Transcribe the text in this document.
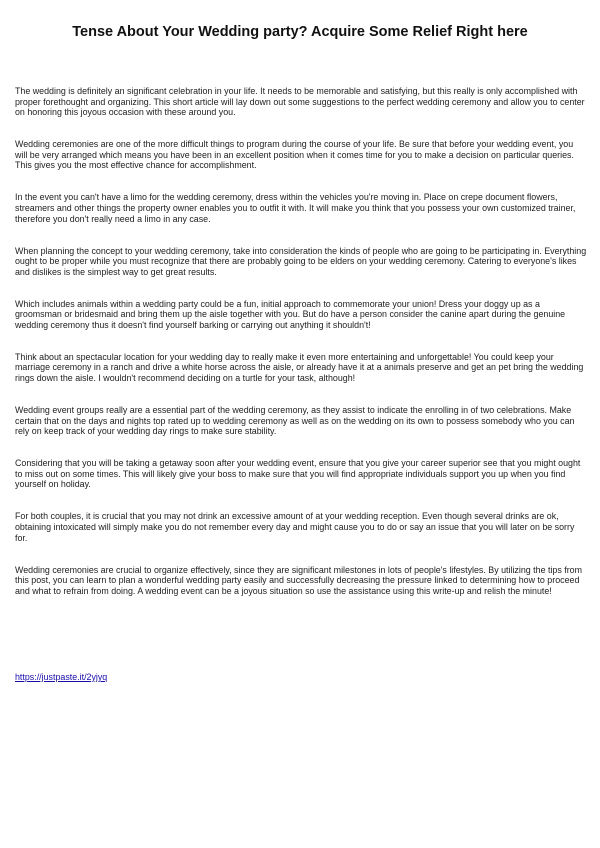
Tense About Your Wedding party? Acquire Some Relief Right here

The wedding is definitely an significant celebration in your life. It needs to be memorable and satisfying, but this really is only accomplished with proper forethought and organizing. This short article will lay down out some suggestions to the perfect wedding ceremony and allow you to center on honoring this joyous occasion with these around you.

Wedding ceremonies are one of the more difficult things to program during the course of your life. Be sure that before your wedding event, you will be very arranged which means you have been in an excellent position when it comes time for you to make a decision on particular queries. This gives you the most effective chance for accomplishment.

In the event you can't have a limo for the wedding ceremony, dress within the vehicles you're moving in. Place on crepe document flowers, streamers and other things the property owner enables you to outfit it with. It will make you think that you possess your own customized trainer, therefore you don't really need a limo in any case.

When planning the concept to your wedding ceremony, take into consideration the kinds of people who are going to be participating in. Everything ought to be proper while you must recognize that there are probably going to be elders on your wedding ceremony. Catering to everyone's likes and dislikes is the simplest way to get great results.

Which includes animals within a wedding party could be a fun, initial approach to commemorate your union! Dress your doggy up as a groomsman or bridesmaid and bring them up the aisle together with you. But do have a person consider the canine apart during the genuine wedding ceremony thus it doesn't find yourself barking or carrying out anything it shouldn't!

Think about an spectacular location for your wedding day to really make it even more entertaining and unforgettable! You could keep your marriage ceremony in a ranch and drive a white horse across the aisle, or already have it at a animals preserve and get an pet bring the wedding rings down the aisle. I wouldn't recommend deciding on a turtle for your task, although!

Wedding event groups really are a essential part of the wedding ceremony, as they assist to indicate the enrolling in of two celebrations. Make certain that on the days and nights top rated up to wedding ceremony as well as on the wedding on its own to possess somebody who you can rely on keep track of your wedding day rings to make sure stability.

Considering that you will be taking a getaway soon after your wedding event, ensure that you give your career superior see that you might ought to miss out on some times. This will likely give your boss to make sure that you will find appropriate individuals support you up when you find yourself on holiday.

For both couples, it is crucial that you may not drink an excessive amount of at your wedding reception. Even though several drinks are ok, obtaining intoxicated will simply make you do not remember every day and might cause you to do or say an issue that you will later on be sorry for.

Wedding ceremonies are crucial to organize effectively, since they are significant milestones in lots of people's lifestyles. By utilizing the tips from this post, you can learn to plan a wonderful wedding party easily and successfully decreasing the pressure linked to determining how to proceed and what to refrain from doing. A wedding event can be a joyous situation so use the assistance using this write-up and relish the minute!

https://justpaste.it/2yjyq
